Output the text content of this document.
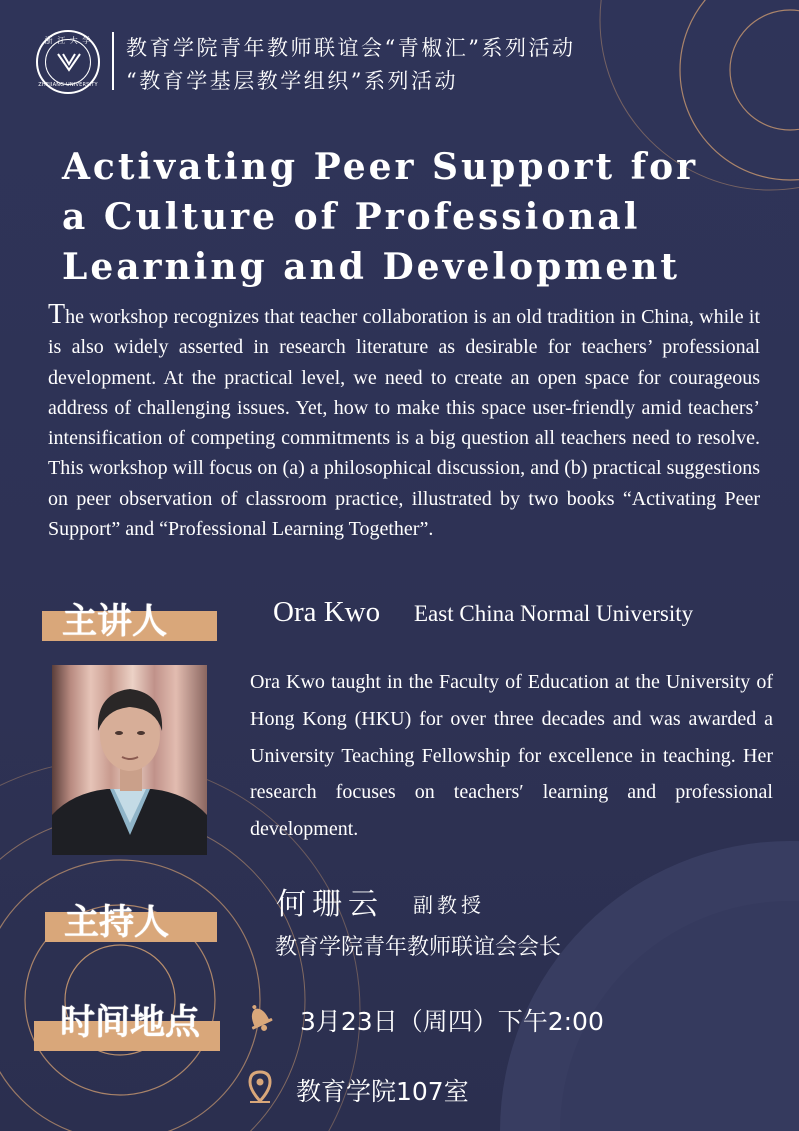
浙 江 大 学
ZHEJIANG UNIVERSITY
教育学院青年教师联谊会“青椒汇”系列活动
“教育学基层教学组织”系列活动
Activating Peer Support for
a Culture of Professional
Learning and Development
The workshop recognizes that teacher collaboration is an old tradition in China, while it is also widely asserted in research literature as desirable for teachers’ professional development. At the practical level, we need to create an open space for courageous address of challenging issues. Yet, how to make this space user-friendly amid teachers’ intensification of competing commitments is a big question all teachers need to resolve. This workshop will focus on (a) a philosophical discussion, and (b) practical suggestions on peer observation of classroom practice, illustrated by two books “Activating Peer Support” and “Professional Learning Together”.
主讲人	Ora Kwo East China Normal University
Ora Kwo taught in the Faculty of Education at the University of Hong Kong (HKU) for over three decades and was awarded a University Teaching Fellowship for excellence in teaching. Her research focuses on teachers′ learning and professional development.
主持人	何珊云 副教授
教育学院青年教师联谊会会长
时间地点	3月23日（周四）下午2:00
教育学院107室
